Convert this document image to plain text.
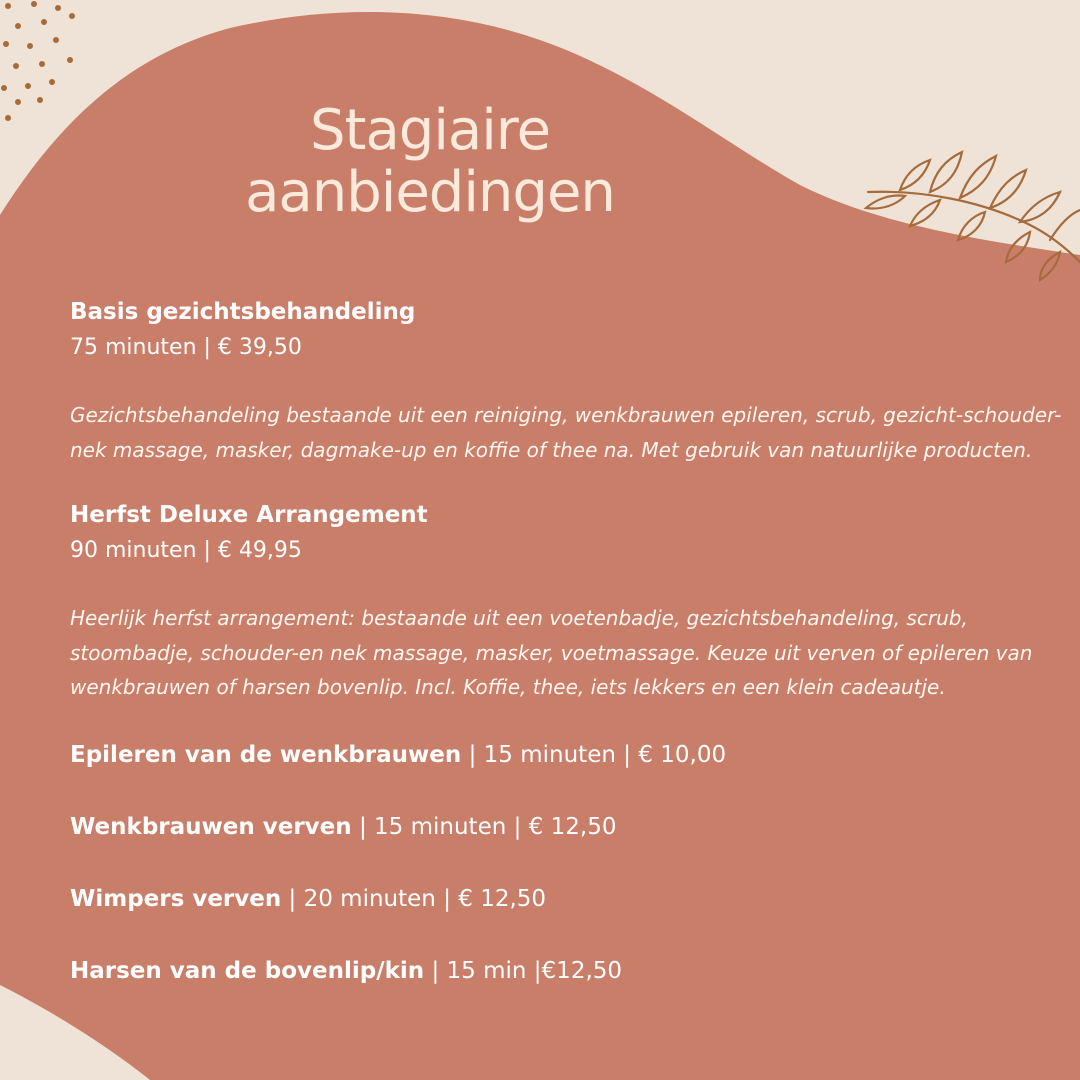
Stagiaire
aanbiedingen

Basis gezichtsbehandeling

75 minuten | € 39,50

Gezichtsbehandeling bestaande uit een reiniging, wenkbrauwen epileren, scrub, gezicht-schouder-nek massage, masker, dagmake-up en koffie of thee na. Met gebruik van natuurlijke producten.

Herfst Deluxe Arrangement

90 minuten | € 49,95

Heerlijk herfst arrangement: bestaande uit een voetenbadje, gezichtsbehandeling, scrub, stoombadje, schouder-en nek massage, masker, voetmassage. Keuze uit verven of epileren van wenkbrauwen of harsen bovenlip. Incl. Koffie, thee, iets lekkers en een klein cadeautje.

Epileren van de wenkbrauwen | 15 minuten | € 10,00

Wenkbrauwen verven | 15 minuten | € 12,50

Wimpers verven | 20 minuten | € 12,50

Harsen van de bovenlip/kin | 15 min |€12,50
